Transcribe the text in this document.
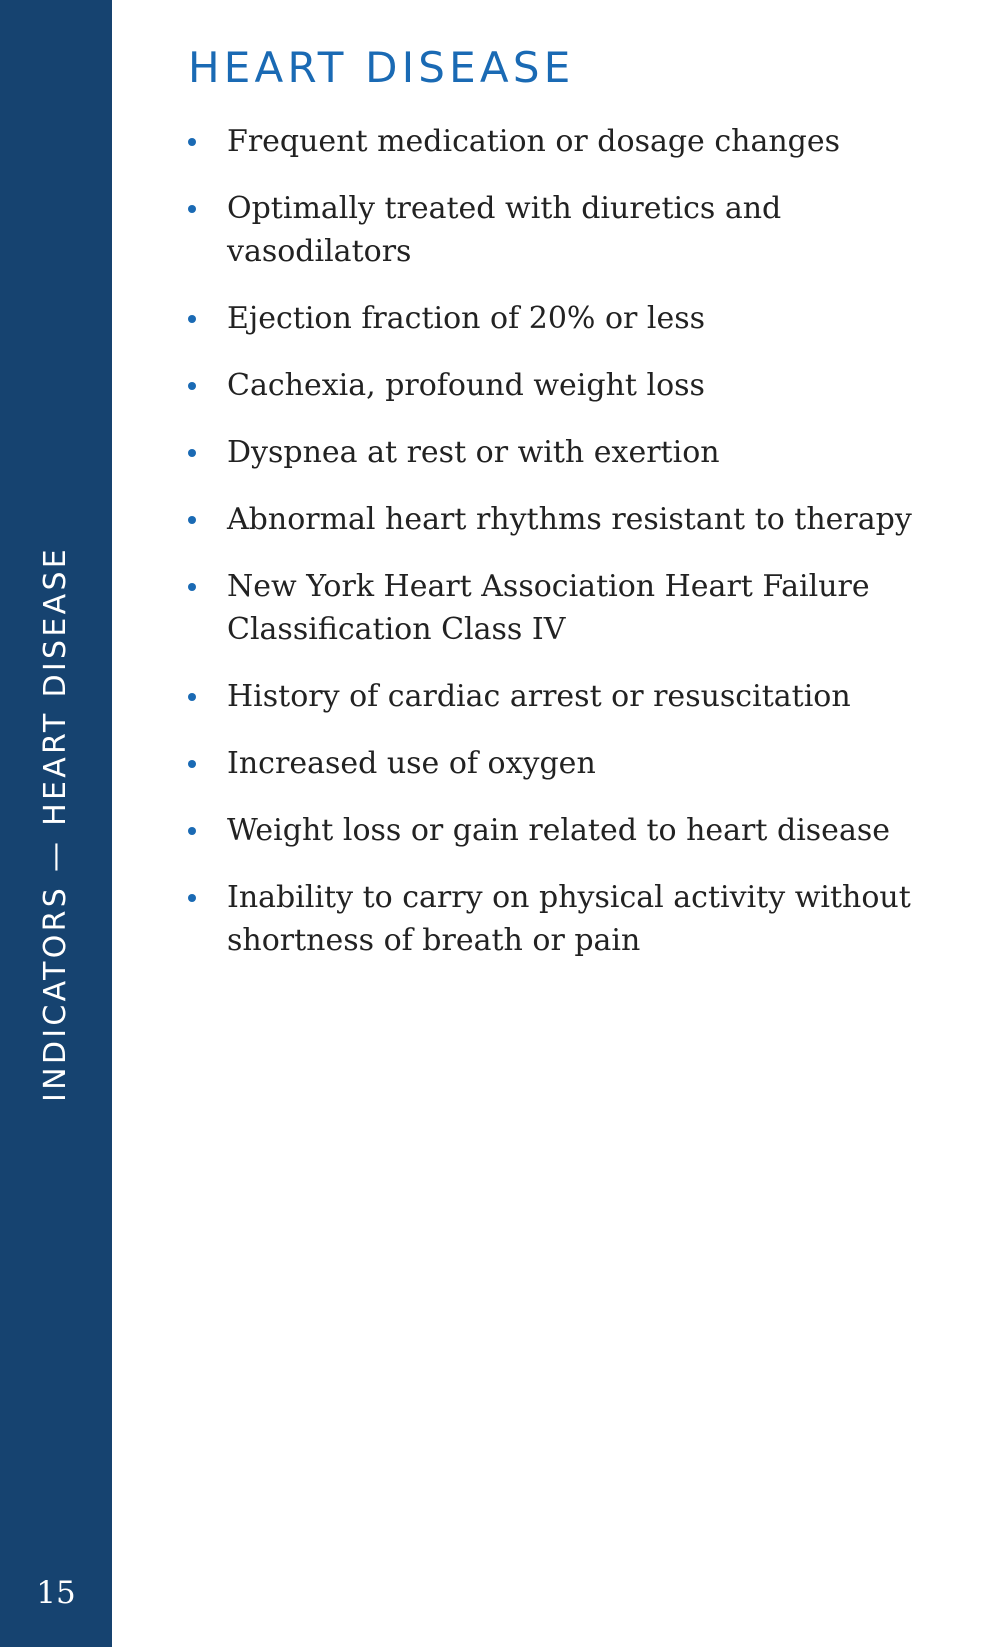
INDICATORS — HEART DISEASE
15
HEART DISEASE
Frequent medication or dosage changes
Optimally treated with diuretics and vasodilators
Ejection fraction of 20% or less
Cachexia, profound weight loss
Dyspnea at rest or with exertion
Abnormal heart rhythms resistant to therapy
New York Heart Association Heart Failure Classification Class IV
History of cardiac arrest or resuscitation
Increased use of oxygen
Weight loss or gain related to heart disease
Inability to carry on physical activity without shortness of breath or pain
